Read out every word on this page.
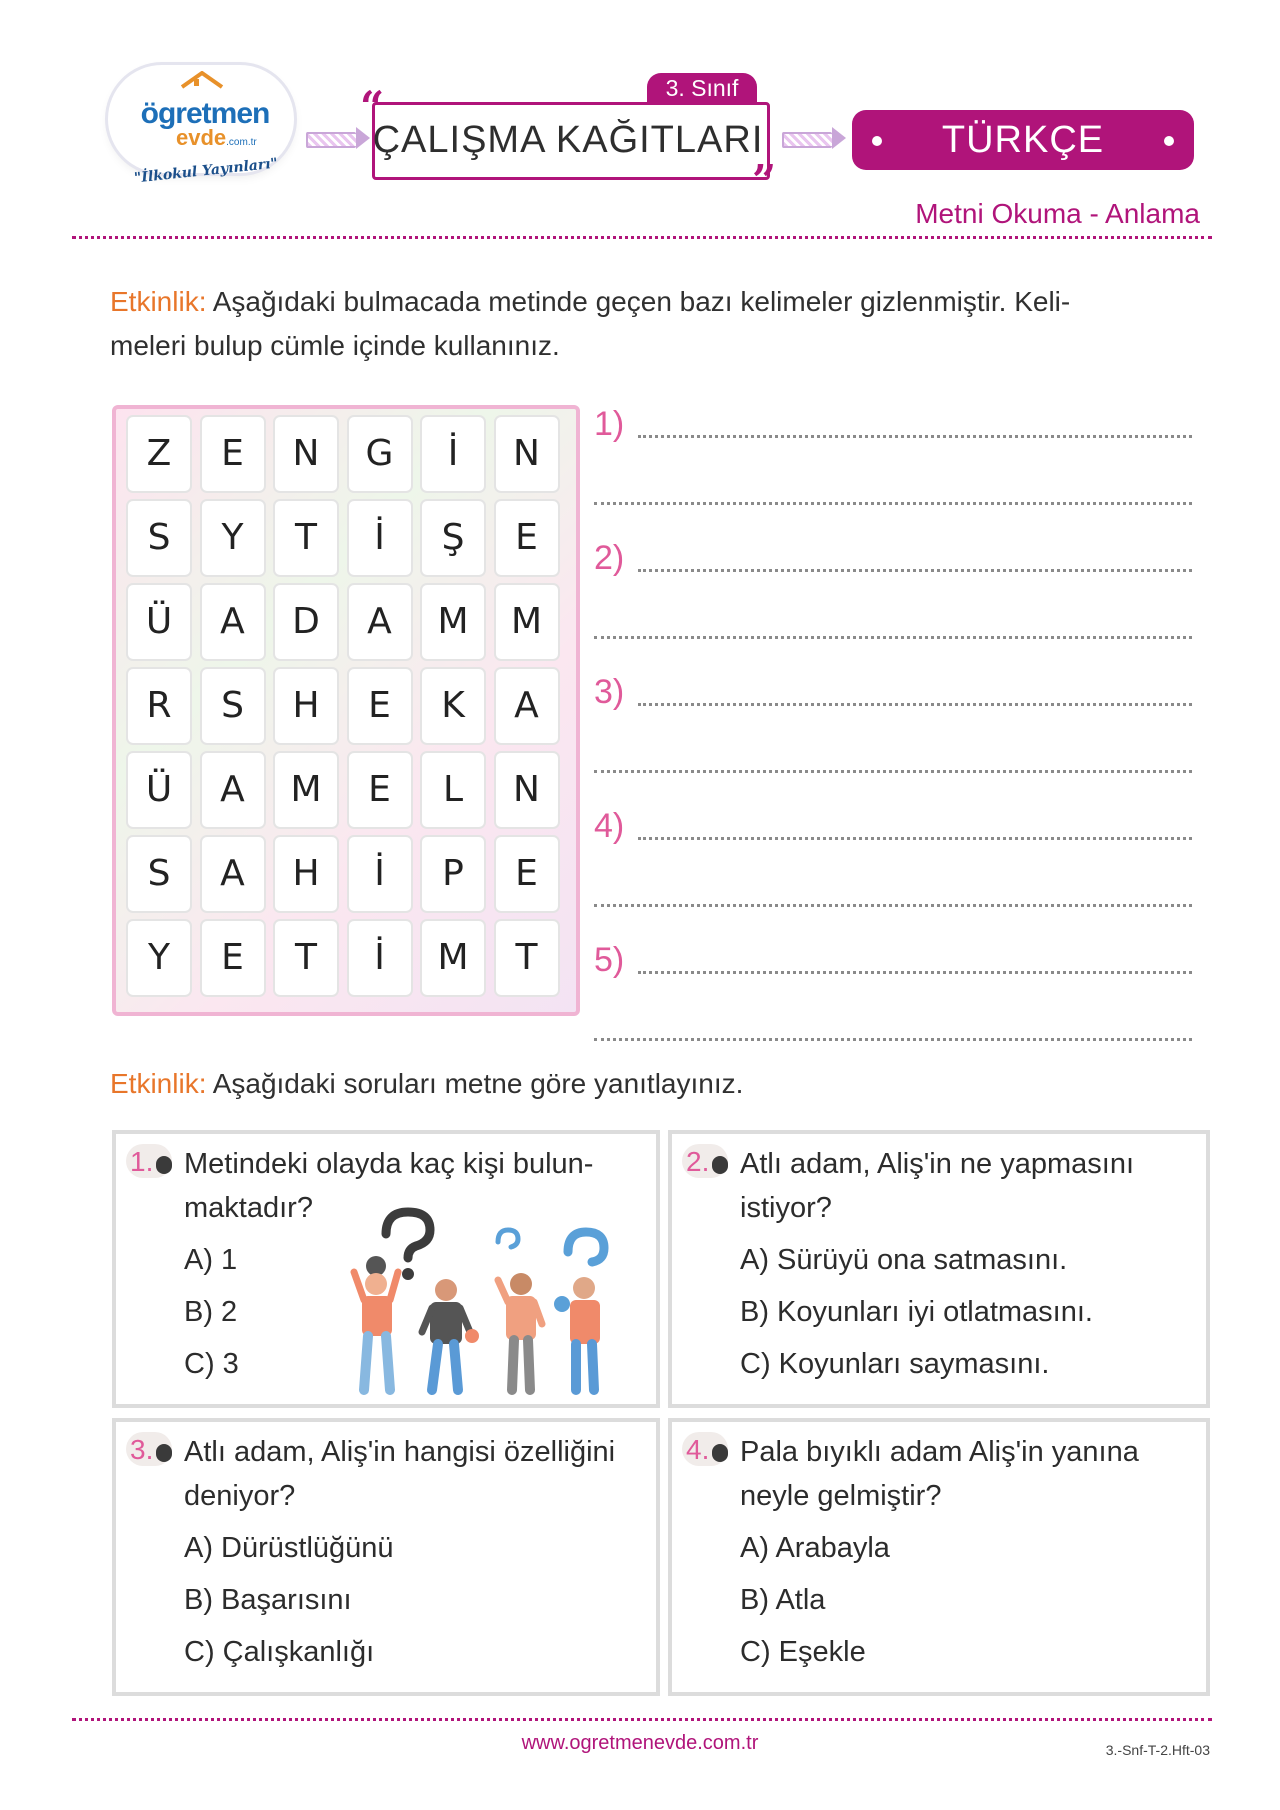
ögretmen
evde.com.tr
"İlkokul Yayınları"
3. Sınıf
“
ÇALIŞMA KAĞITLARI
”
TÜRKÇE
Metni Okuma - Anlama
Etkinlik: Aşağıdaki bulmacada metinde geçen bazı kelimeler gizlenmiştir. Keli- meleri bulup cümle içinde kullanınız.
Z	E	N	G	İ	N
S	Y	T	İ	Ş	E
Ü	A	D	A	M	M
R	S	H	E	K	A
Ü	A	M	E	L	N
S	A	H	İ	P	E
Y	E	T	İ	M	T
1)
2)
3)
4)
5)
Etkinlik: Aşağıdaki soruları metne göre yanıtlayınız.
1. Metindeki olayda kaç kişi bulun- maktadır?
A) 1
B) 2
C) 3
2. Atlı adam, Aliş'in ne yapmasını istiyor?
A) Sürüyü ona satmasını.
B) Koyunları iyi otlatmasını.
C) Koyunları saymasını.
3. Atlı adam, Aliş'in hangisi özelliğini deniyor?
A) Dürüstlüğünü
B) Başarısını
C) Çalışkanlığı
4. Pala bıyıklı adam Aliş'in yanına neyle gelmiştir?
A) Arabayla
B) Atla
C) Eşekle
www.ogretmenevde.com.tr	3.-Snf-T-2.Hft-03
